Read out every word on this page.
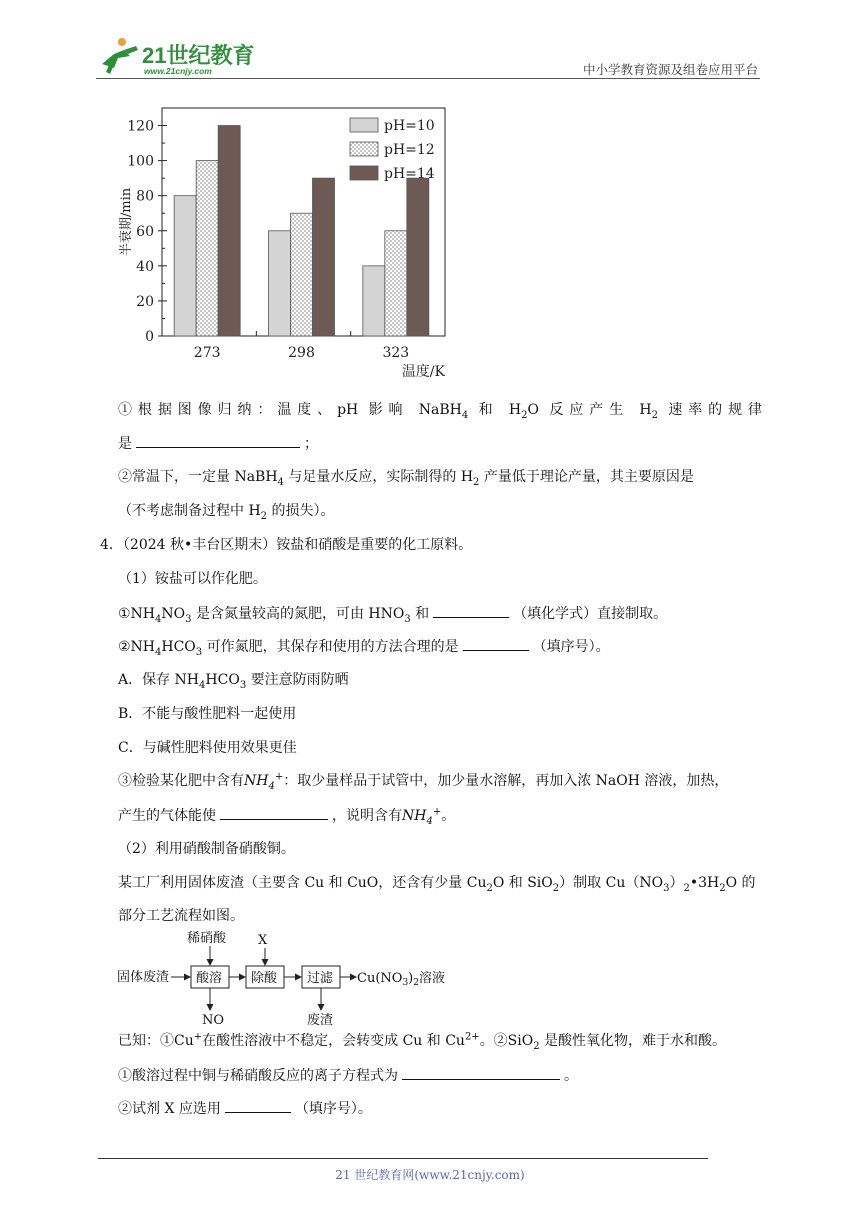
21世纪教育
www.21cnjy.com	中小学教育资源及组卷应用平台
0
20
40
60
80
100
120
273	298	323
温度/K
半衰期/min
pH=10
pH=12
pH=14
①根据图像归纳：温度、pH 影响 NaBH$_4$ 和 $H_2O$ 反应产生 $H_2$ 速率的规律
是	；
②常温下，一定量 NaBH$_4$ 与足量水反应，实际制得的 $H_2$ 产量低于理论产量，其主要原因是
（不考虑制备过程中 $H_2$ 的损失）。
4．（2024 秋•丰台区期末）铵盐和硝酸是重要的化工原料。
（1）铵盐可以作化肥。
$①NH_4NO_3$ 是含氮量较高的氮肥，可由 $HNO_3$ 和	（填化学式）直接制取。
$②NH_4HCO_3$ 可作氮肥，其保存和使用的方法合理的是	（填序号）。
A．保存 $NH_4HCO_3$ 要注意防雨防晒
B．不能与酸性肥料一起使用
C．与碱性肥料使用效果更佳
③检验某化肥中含有$NH_4^+$：取少量样品于试管中，加少量水溶解，再加入浓 NaOH 溶液，加热，
产生的气体能使	，说明含有$NH_4^+$。
（2）利用硝酸制备硝酸铜。
某工厂利用固体废渣（主要含 Cu 和 CuO，还含有少量 $Cu_2O$ 和 SiO$_2$）制取 $Cu(NO_3)_2•3H_2O$ 的
部分工艺流程如图。
稀硝酸 X
固体废渣 酸溶 除酸 过滤 $Cu(NO_3)_2$溶液
NO	废渣
已知：①Cu+在酸性溶液中不稳定，会转变成 Cu 和 $Cu^{2+}$。②SiO$_2$ 是酸性氧化物，难于水和酸。
①酸溶过程中铜与稀硝酸反应的离子方程式为	。
②试剂 X 应选用	（填序号）。
21 世纪教育网(www.21cnjy.com)
